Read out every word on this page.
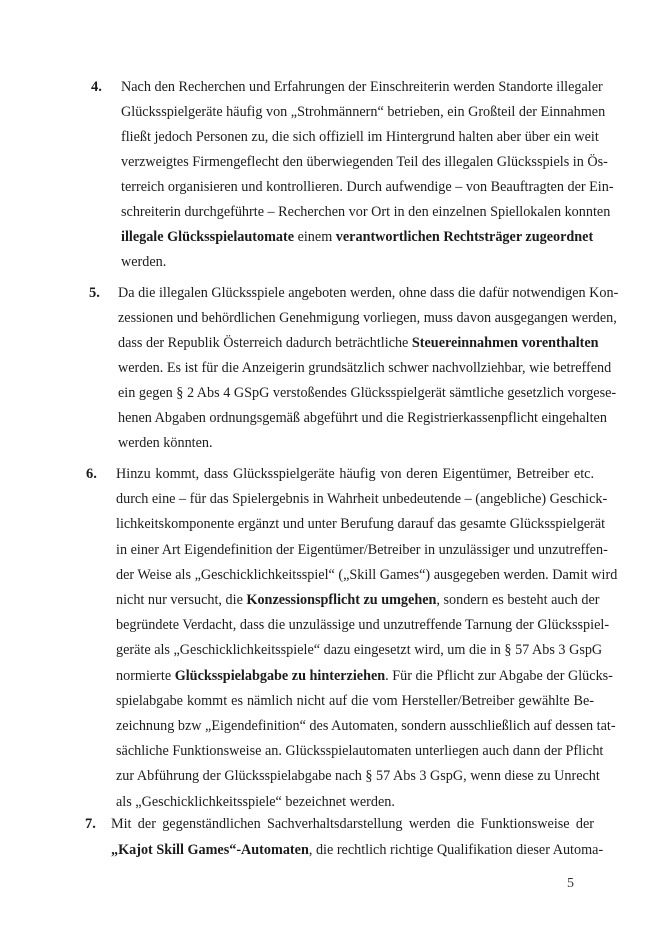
4. Nach den Recherchen und Erfahrungen der Einschreiterin werden Standorte illegaler

Glücksspielgeräte häufig von „Strohmännern“ betrieben, ein Großteil der Einnahmen

fließt jedoch Personen zu, die sich offiziell im Hintergrund halten aber über ein weit

verzweigtes Firmengeflecht den überwiegenden Teil des illegalen Glücksspiels in Ös-

terreich organisieren und kontrollieren. Durch aufwendige – von Beauftragten der Ein-

schreiterin durchgeführte – Recherchen vor Ort in den einzelnen Spiellokalen konnten

illegale Glücksspielautomate einem verantwortlichen Rechtsträger zugeordnet

werden.

5. Da die illegalen Glücksspiele angeboten werden, ohne dass die dafür notwendigen Kon-

zessionen und behördlichen Genehmigung vorliegen, muss davon ausgegangen werden,

dass der Republik Österreich dadurch beträchtliche Steuereinnahmen vorenthalten

werden. Es ist für die Anzeigerin grundsätzlich schwer nachvollziehbar, wie betreffend

ein gegen § 2 Abs 4 GSpG verstoßendes Glücksspielgerät sämtliche gesetzlich vorgese-

henen Abgaben ordnungsgemäß abgeführt und die Registrierkassenpflicht eingehalten

werden könnten.

6. Hinzu kommt, dass Glücksspielgeräte häufig von deren Eigentümer, Betreiber etc.

durch eine – für das Spielergebnis in Wahrheit unbedeutende – (angebliche) Geschick-

lichkeitskomponente ergänzt und unter Berufung darauf das gesamte Glücksspielgerät

in einer Art Eigendefinition der Eigentümer/Betreiber in unzulässiger und unzutreffen-

der Weise als „Geschicklichkeitsspiel“ („Skill Games“) ausgegeben werden. Damit wird

nicht nur versucht, die Konzessionspflicht zu umgehen, sondern es besteht auch der

begründete Verdacht, dass die unzulässige und unzutreffende Tarnung der Glücksspiel-

geräte als „Geschicklichkeitsspiele“ dazu eingesetzt wird, um die in § 57 Abs 3 GspG

normierte Glücksspielabgabe zu hinterziehen. Für die Pflicht zur Abgabe der Glücks-

spielabgabe kommt es nämlich nicht auf die vom Hersteller/Betreiber gewählte Be-

zeichnung bzw „Eigendefinition“ des Automaten, sondern ausschließlich auf dessen tat-

sächliche Funktionsweise an. Glücksspielautomaten unterliegen auch dann der Pflicht

zur Abführung der Glücksspielabgabe nach § 57 Abs 3 GspG, wenn diese zu Unrecht

als „Geschicklichkeitsspiele“ bezeichnet werden.

7. Mit der gegenständlichen Sachverhaltsdarstellung werden die Funktionsweise der

„Kajot Skill Games“-Automaten, die rechtlich richtige Qualifikation dieser Automa-

5
